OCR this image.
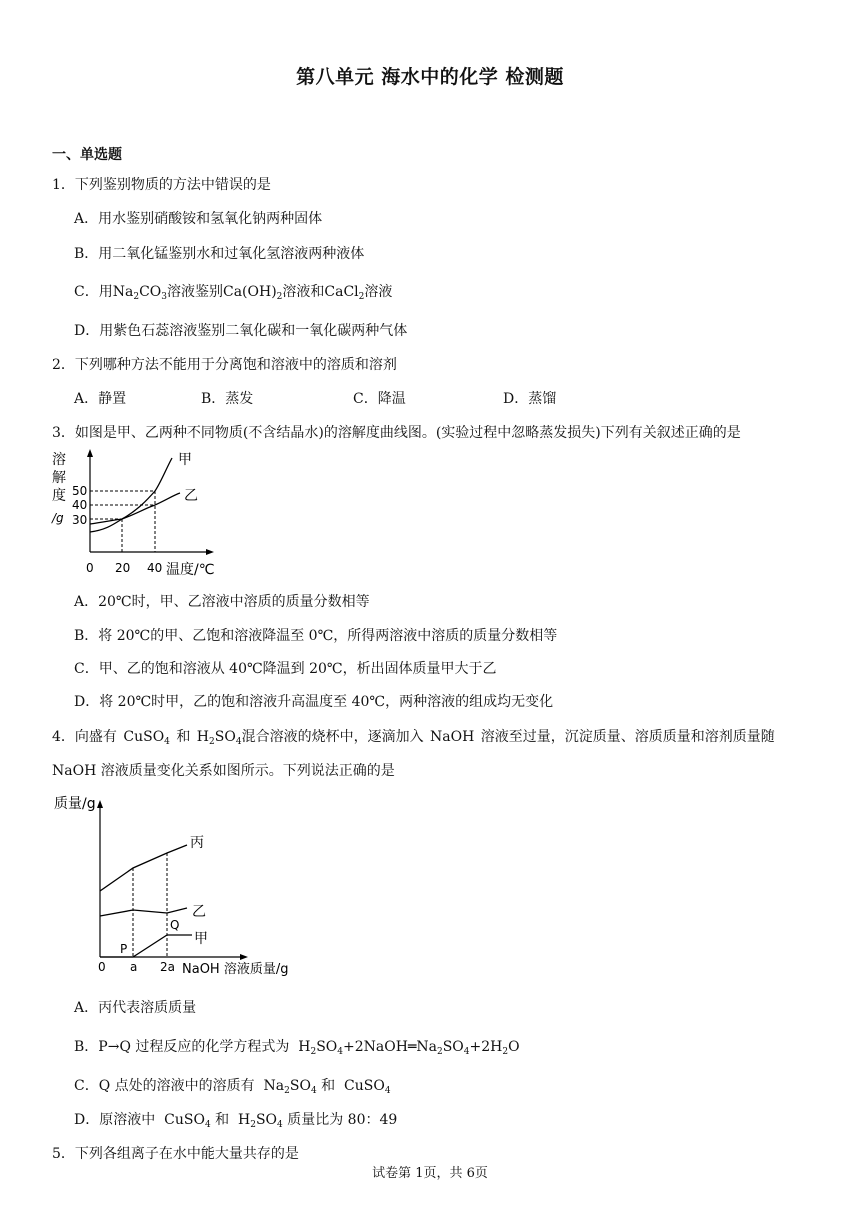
第八单元 海水中的化学 检测题
一、单选题
1．下列鉴别物质的方法中错误的是
A．用水鉴别硝酸铵和氢氧化钠两种固体
B．用二氧化锰鉴别水和过氧化氢溶液两种液体
C．用$Na_2CO_3$溶液鉴别$Ca(OH)_2$溶液和CaCl$_2$溶液
D．用紫色石蕊溶液鉴别二氧化碳和一氧化碳两种气体
2．下列哪种方法不能用于分离饱和溶液中的溶质和溶剂
A．静置	B．蒸发	C．降温	D．蒸馏
3．如图是甲、乙两种不同物质(不含结晶水)的溶解度曲线图。(实验过程中忽略蒸发损失)下列有关叙述正确的是
溶
解
度
/g
50
40
30
0 20 40 温度/℃
甲
乙
A．20℃时，甲、乙溶液中溶质的质量分数相等
B．将 20℃的甲、乙饱和溶液降温至 0℃，所得两溶液中溶质的质量分数相等
C．甲、乙的饱和溶液从 40℃降温到 20℃，析出固体质量甲大于乙
D．将 20℃时甲，乙的饱和溶液升高温度至 40℃，两种溶液的组成均无变化
4．向盛有 CuSO$_4$ 和 $H_2SO_4$混合溶液的烧杯中，逐滴加入 NaOH 溶液至过量，沉淀质量、溶质质量和溶剂质量随
NaOH 溶液质量变化关系如图所示。下列说法正确的是
质量/g
丙
乙
甲
P
Q
0 a 2a NaOH 溶液质量/g
A．丙代表溶质质量
B．P→Q 过程反应的化学方程式为  $H_2SO_4+2NaOH═Na_2SO_4+2H_2O$
C．Q 点处的溶液中的溶质有  $Na_2SO_4$ 和  CuSO$_4$
D．原溶液中  CuSO$_4$ 和  $H_2SO_4$ 质量比为 80：49
5．下列各组离子在水中能大量共存的是
试卷第 1页，共 6页
